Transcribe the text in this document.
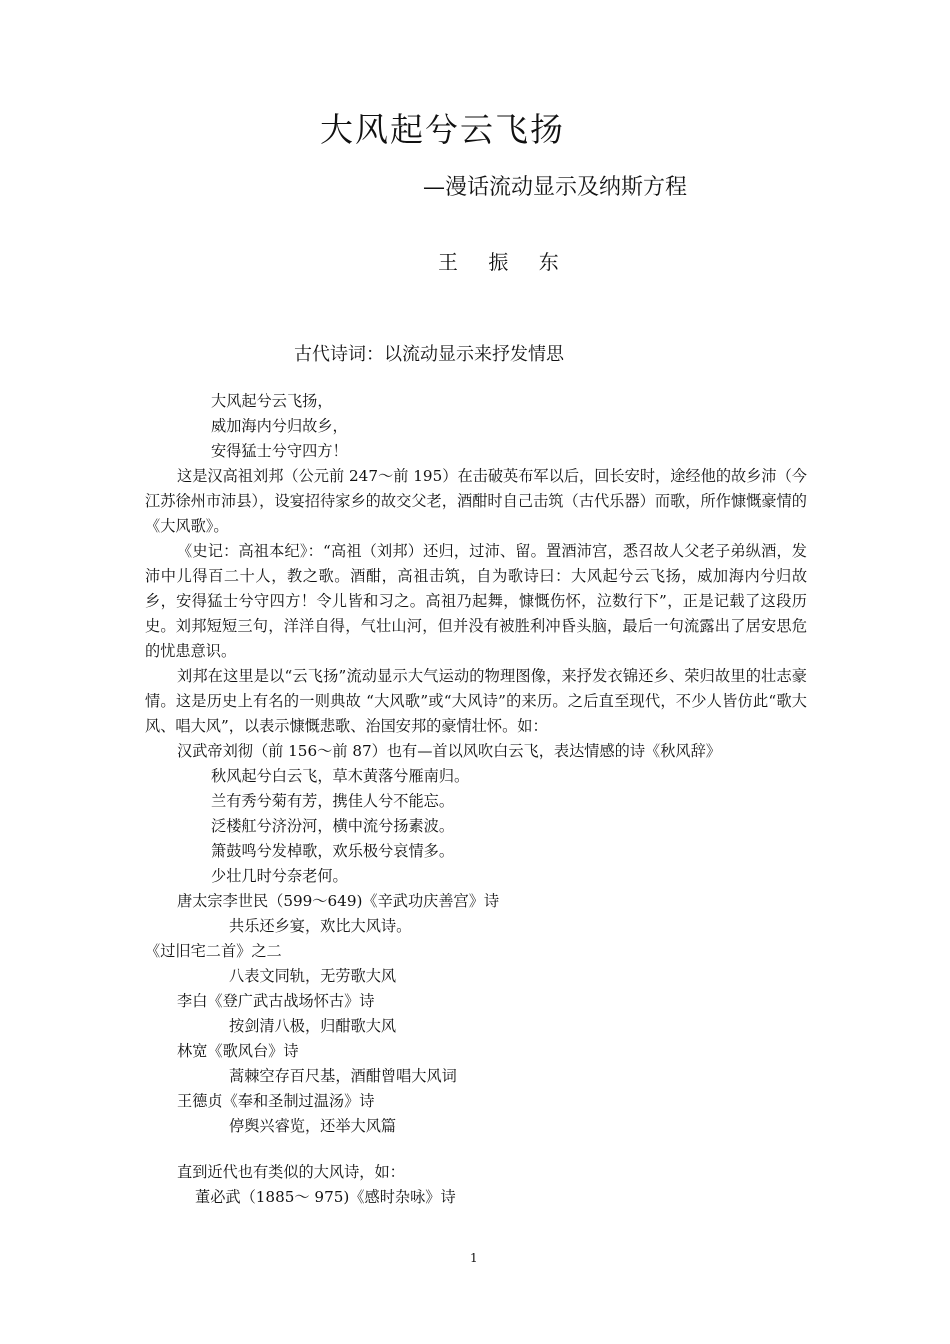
大风起兮云飞扬
—漫话流动显示及纳斯方程
王 振 东
古代诗词：以流动显示来抒发情思
大风起兮云飞扬，
威加海内兮归故乡，
安得猛士兮守四方！
这是汉高祖刘邦（公元前 247～前 195）在击破英布军以后，回长安时，途经他的故乡沛（今江苏徐州市沛县），设宴招待家乡的故交父老，酒酣时自己击筑（古代乐器）而歌，所作慷慨豪情的《大风歌》。
《史记：高祖本纪》：“高祖（刘邦）还归，过沛、留。置酒沛宫，悉召故人父老子弟纵酒，发沛中儿得百二十人，教之歌。酒酣，高祖击筑，自为歌诗曰：大风起兮云飞扬，威加海内兮归故乡，安得猛士兮守四方！令儿皆和习之。高祖乃起舞，慷慨伤怀，泣数行下”，正是记载了这段历史。刘邦短短三句，洋洋自得，气壮山河，但并没有被胜利冲昏头脑，最后一句流露出了居安思危的忧患意识。
刘邦在这里是以“云飞扬”流动显示大气运动的物理图像，来抒发衣锦还乡、荣归故里的壮志豪情。这是历史上有名的一则典故 “大风歌”或“大风诗”的来历。之后直至现代，不少人皆仿此“歌大风、唱大风”，以表示慷慨悲歌、治国安邦的豪情壮怀。如：
汉武帝刘彻（前 156～前 87）也有—首以风吹白云飞，表达情感的诗《秋风辞》
秋风起兮白云飞，草木黄落兮雁南归。
兰有秀兮菊有芳，携佳人兮不能忘。
泛楼舡兮济汾河，横中流兮扬素波。
箫鼓鸣兮发棹歌，欢乐极兮哀情多。
少壮几时兮奈老何。
唐太宗李世民（599～649)《辛武功庆善宫》诗
共乐还乡宴，欢比大风诗。
《过旧宅二首》之二
八表文同轨，无劳歌大风
李白《登广武古战场怀古》诗
按剑清八极，归酣歌大风
林宽《歌风台》诗
蒿棘空存百尺基，酒酣曾唱大风词
王德贞《奉和圣制过温汤》诗
停舆兴睿览，还举大风篇
直到近代也有类似的大风诗，如：
董必武（1885～ 975)《感时杂咏》诗
1
